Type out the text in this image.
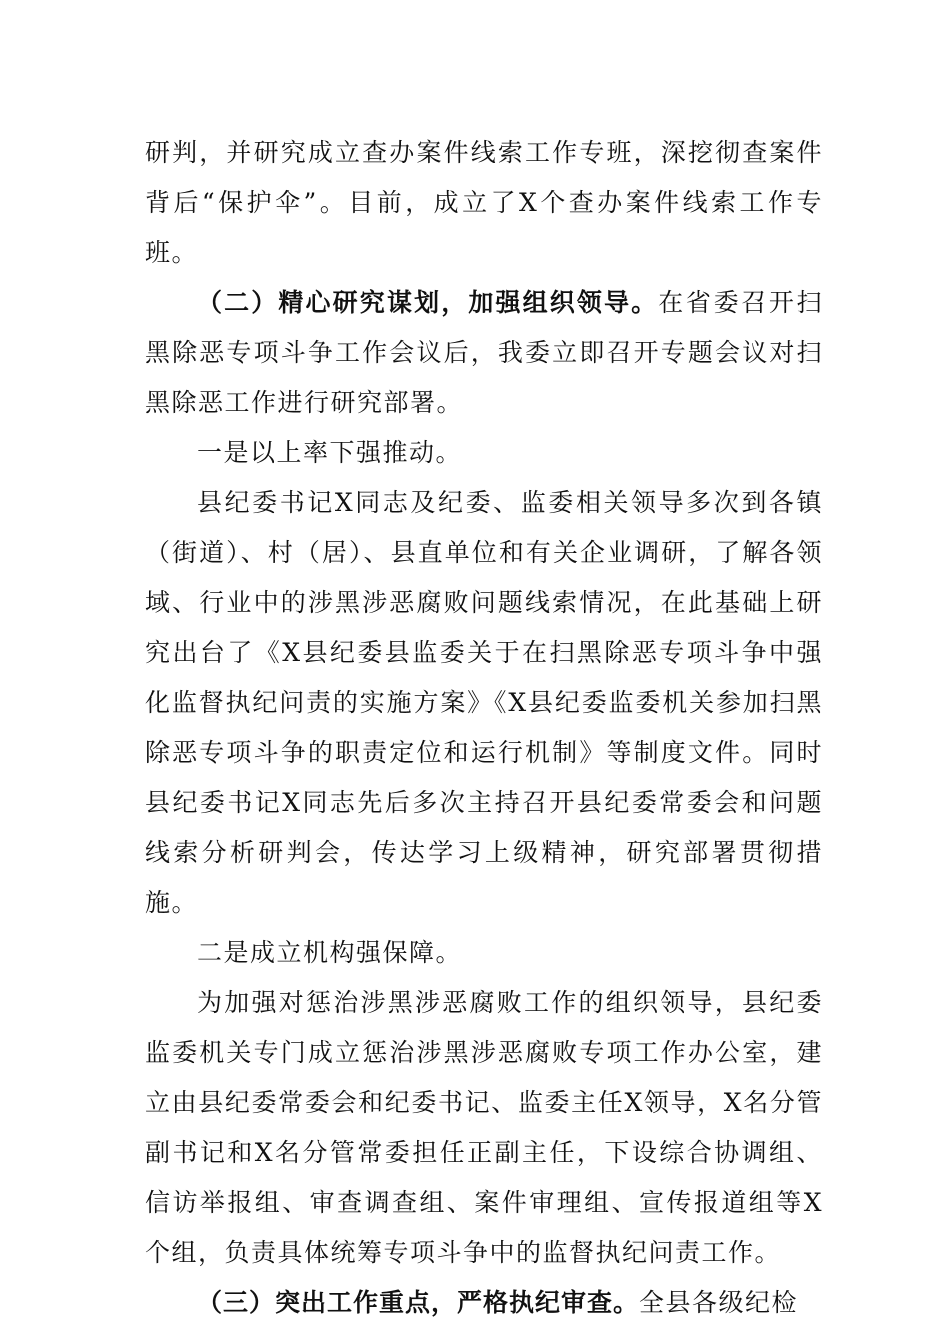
研判，并研究成立查办案件线索工作专班，深挖彻查案件背后“保护伞”。目前，成立了X个查办案件线索工作专班。

（二）精心研究谋划，加强组织领导。在省委召开扫黑除恶专项斗争工作会议后，我委立即召开专题会议对扫黑除恶工作进行研究部署。

一是以上率下强推动。

县纪委书记X同志及纪委、监委相关领导多次到各镇（街道）、村（居）、县直单位和有关企业调研，了解各领域、行业中的涉黑涉恶腐败问题线索情况，在此基础上研究出台了《X县纪委县监委关于在扫黑除恶专项斗争中强化监督执纪问责的实施方案》《X县纪委监委机关参加扫黑除恶专项斗争的职责定位和运行机制》等制度文件。同时县纪委书记X同志先后多次主持召开县纪委常委会和问题线索分析研判会，传达学习上级精神，研究部署贯彻措施。

二是成立机构强保障。

为加强对惩治涉黑涉恶腐败工作的组织领导，县纪委监委机关专门成立惩治涉黑涉恶腐败专项工作办公室，建立由县纪委常委会和纪委书记、监委主任X领导，X名分管副书记和X名分管常委担任正副主任，下设综合协调组、信访举报组、审查调查组、案件审理组、宣传报道组等X个组，负责具体统筹专项斗争中的监督执纪问责工作。

（三）突出工作重点，严格执纪审查。全县各级纪检
